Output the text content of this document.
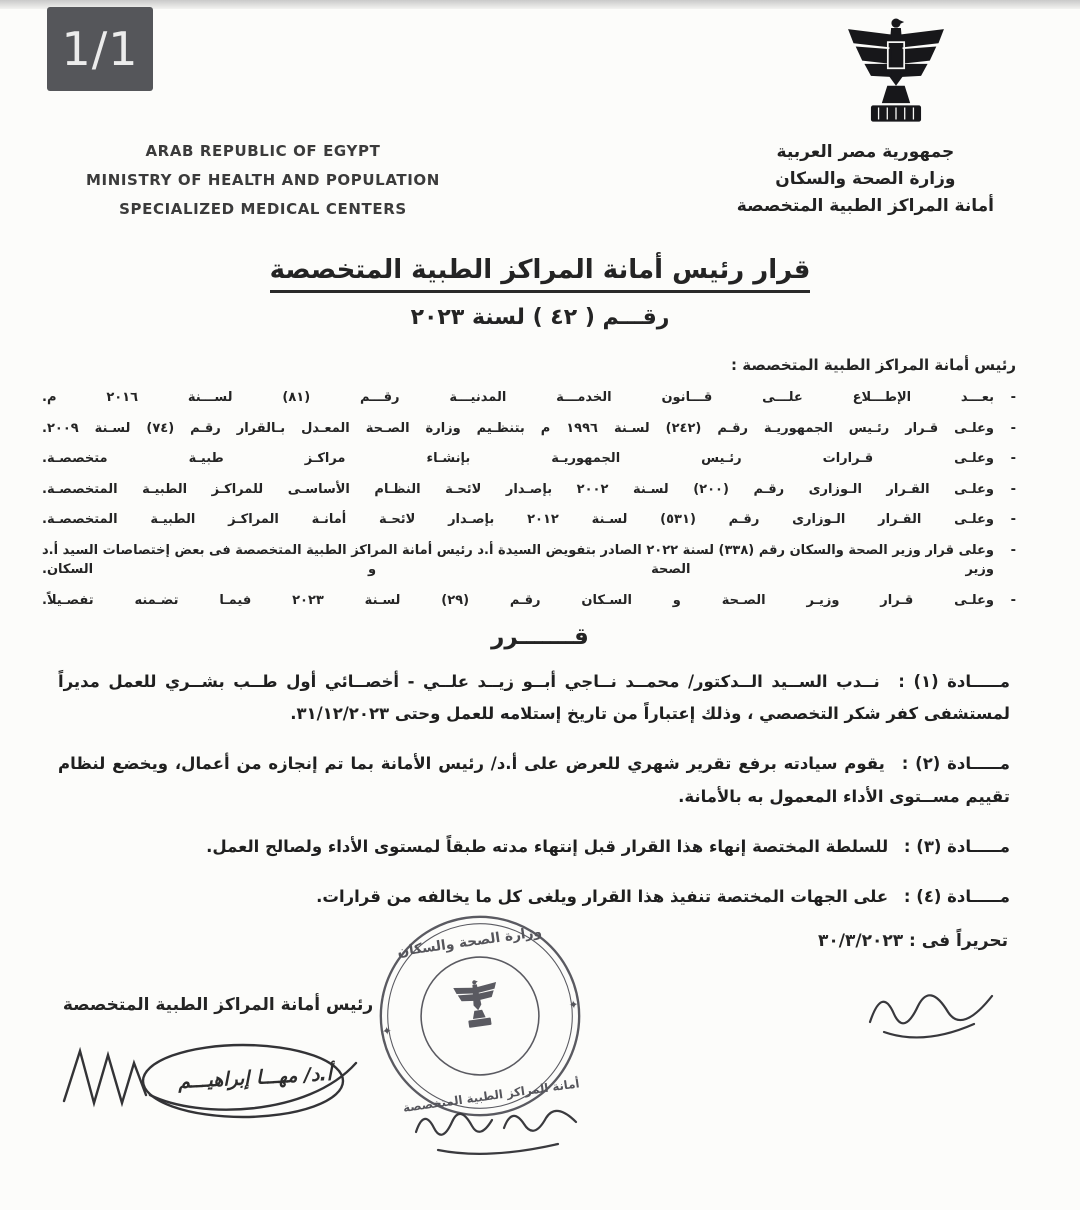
1/1
ARAB REPUBLIC OF EGYPT
MINISTRY OF HEALTH AND POPULATION
SPECIALIZED MEDICAL CENTERS
جمهورية مصر العربية
وزارة الصحة والسكان
أمانة المراكز الطبية المتخصصة
قرار رئيس أمانة المراكز الطبية المتخصصة
رقـــم ( ٤٢ ) لسنة ٢٠٢٣
رئيس أمانة المراكز الطبية المتخصصة :
- بعـــد الإطـــلاع علـــى قـــانون الخدمـــة المدنيـــة رقـــم (٨١) لســـنة ٢٠١٦ م.
- وعلـى قـرار رئـيس الجمهوريـة رقـم (٢٤٢) لسـنة ١٩٩٦ م بتنظـيم وزارة الصـحة المعـدل بـالقرار رقـم (٧٤) لسـنة ٢٠٠٩.
- وعلـى قـرارات رئـيس الجمهوريـة بإنشـاء مراكـز طبيـة متخصصـة.
- وعلـى القـرار الـوزارى رقـم (٢٠٠) لسـنة ٢٠٠٢ بإصـدار لائحـة النظـام الأساسـى للمراكـز الطبيـة المتخصصـة.
- وعلـى القـرار الـوزارى رقـم (٥٣١) لسـنة ٢٠١٢ بإصـدار لائحـة أمانـة المراكـز الطبيـة المتخصصـة.
- وعلى قرار وزير الصحة والسكان رقم (٣٣٨) لسنة ٢٠٢٢ الصادر بتفويض السيدة أ.د رئيس أمانة المراكز الطبية المتخصصة فى بعض إختصاصات السيد أ.د وزير الصحة و السكان.
- وعلـى قـرار وزيـر الصـحة و السـكان رقـم (٢٩) لسـنة ٢٠٢٣ فيمـا تضـمنه تفصـيلاً.
قـــــــرر

مـــــادة (١) : نــدب الســيد الــدكتور/ محمــد نــاجي أبــو زيــد علــي - أخصــائي أول طــب بشــري للعمل مديراً لمستشفى كفر شكر التخصصي ، وذلك إعتباراً من تاريخ إستلامه للعمل وحتى ٣١/١٢/٢٠٢٣.

مـــــادة (٢) : يقوم سيادته برفع تقرير شهري للعرض على أ.د/ رئيس الأمانة بما تم إنجازه من أعمال، ويخضع لنظام تقييم مســتوى الأداء المعمول به بالأمانة.

مـــــادة (٣) : للسلطة المختصة إنهاء هذا القرار قبل إنتهاء مدته طبقاً لمستوى الأداء ولصالح العمل.

مـــــادة (٤) : على الجهات المختصة تنفيذ هذا القرار ويلغى كل ما يخالفه من قرارات.

تحريراً فى : ٣٠/٣/٢٠٢٣
رئيس أمانة المراكز الطبية المتخصصة
أ.د/ مهـــا إبراهيـــم
وزارة الصحة والسكان
أمانة المراكز الطبية المتخصصة
✦
✦
